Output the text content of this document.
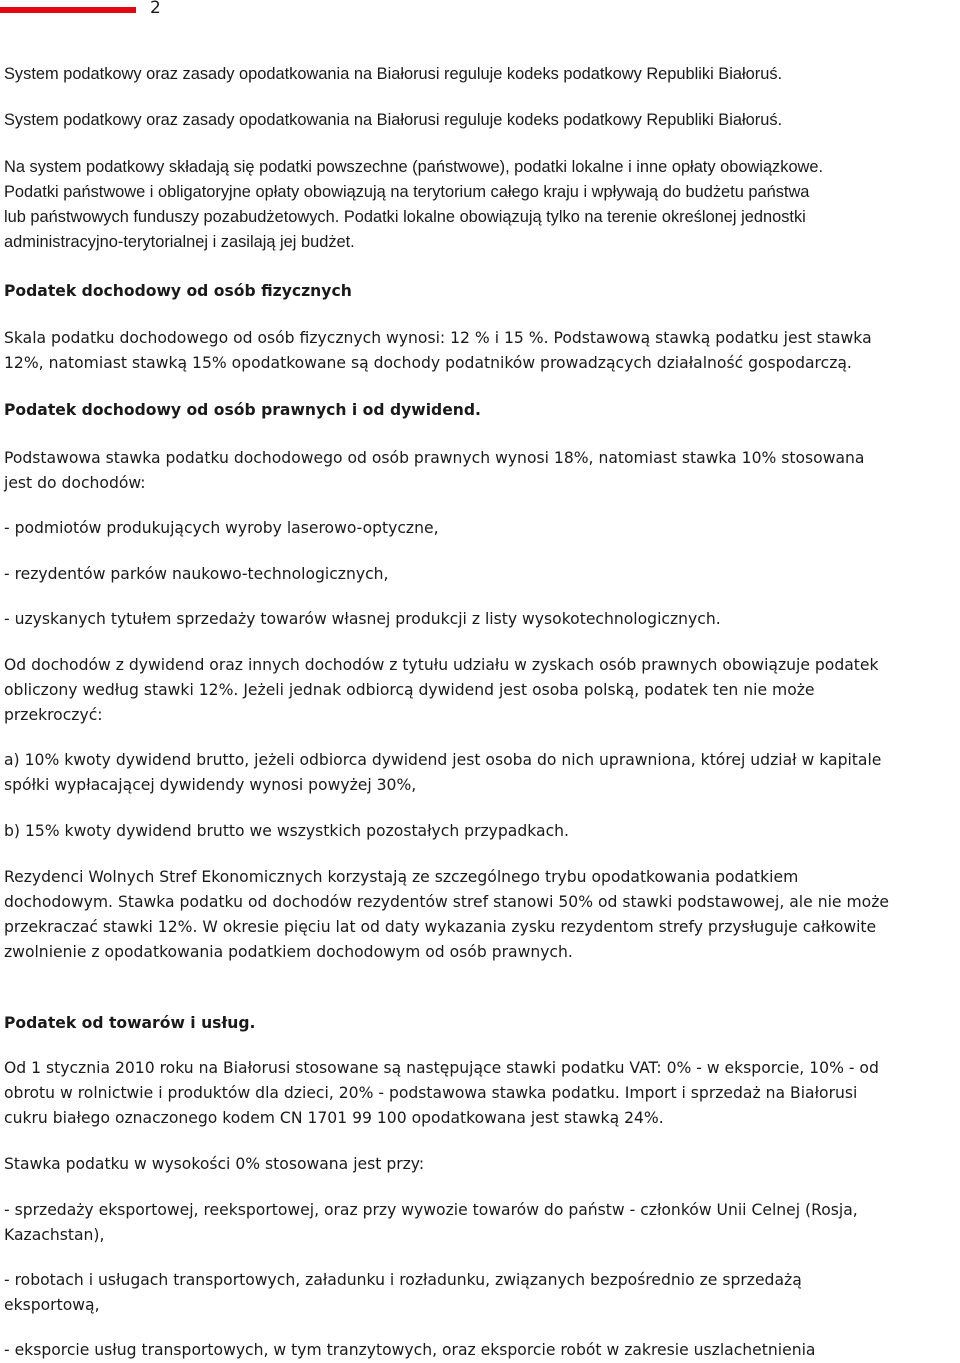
2
System podatkowy oraz zasady opodatkowania na Białorusi reguluje kodeks podatkowy Republiki Białoruś.
System podatkowy oraz zasady opodatkowania na Białorusi reguluje kodeks podatkowy Republiki Białoruś.
Na system podatkowy składają się podatki powszechne (państwowe), podatki lokalne i inne opłaty obowiązkowe.
Podatki państwowe i obligatoryjne opłaty obowiązują na terytorium całego kraju i wpływają do budżetu państwa
lub państwowych funduszy pozabudżetowych. Podatki lokalne obowiązują tylko na terenie określonej jednostki
administracyjno-terytorialnej i zasilają jej budżet.
Podatek dochodowy od osób fizycznych
Skala podatku dochodowego od osób fizycznych wynosi: 12 % i 15 %. Podstawową stawką podatku jest stawka
12%, natomiast stawką 15% opodatkowane są dochody podatników prowadzących działalność gospodarczą.
Podatek dochodowy od osób prawnych i od dywidend.
Podstawowa stawka podatku dochodowego od osób prawnych wynosi 18%, natomiast stawka 10% stosowana
jest do dochodów:
- podmiotów produkujących wyroby laserowo-optyczne,
- rezydentów parków naukowo-technologicznych,
- uzyskanych tytułem sprzedaży towarów własnej produkcji z listy wysokotechnologicznych.
Od dochodów z dywidend oraz innych dochodów z tytułu udziału w zyskach osób prawnych obowiązuje podatek
obliczony według stawki 12%. Jeżeli jednak odbiorcą dywidend jest osoba polską, podatek ten nie może
przekroczyć:
a) 10% kwoty dywidend brutto, jeżeli odbiorca dywidend jest osoba do nich uprawniona, której udział w kapitale
spółki wypłacającej dywidendy wynosi powyżej 30%,
b) 15% kwoty dywidend brutto we wszystkich pozostałych przypadkach.
Rezydenci Wolnych Stref Ekonomicznych korzystają ze szczególnego trybu opodatkowania podatkiem
dochodowym. Stawka podatku od dochodów rezydentów stref stanowi 50% od stawki podstawowej, ale nie może
przekraczać stawki 12%. W okresie pięciu lat od daty wykazania zysku rezydentom strefy przysługuje całkowite
zwolnienie z opodatkowania podatkiem dochodowym od osób prawnych.
Podatek od towarów i usług.
Od 1 stycznia 2010 roku na Białorusi stosowane są następujące stawki podatku VAT: 0% - w eksporcie, 10% - od
obrotu w rolnictwie i produktów dla dzieci, 20% - podstawowa stawka podatku. Import i sprzedaż na Białorusi
cukru białego oznaczonego kodem CN 1701 99 100 opodatkowana jest stawką 24%.
Stawka podatku w wysokości 0% stosowana jest przy:
- sprzedaży eksportowej, reeksportowej, oraz przy wywozie towarów do państw - członków Unii Celnej (Rosja,
Kazachstan),
- robotach i usługach transportowych, załadunku i rozładunku, związanych bezpośrednio ze sprzedażą
eksportową,
- eksporcie usług transportowych, w tym tranzytowych, oraz eksporcie robót w zakresie uszlachetnienia
